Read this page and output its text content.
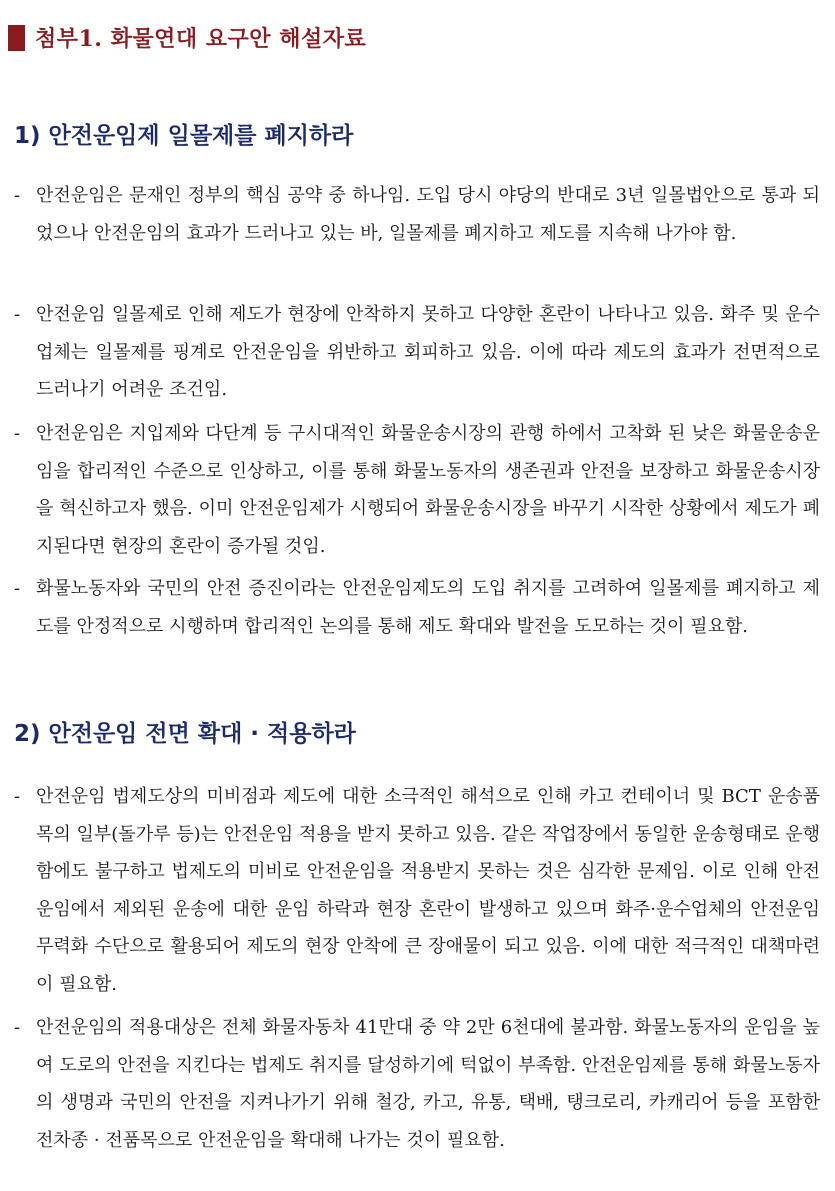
첨부1. 화물연대 요구안 해설자료
1) 안전운임제 일몰제를 폐지하라
- 안전운임은 문재인 정부의 핵심 공약 중 하나임. 도입 당시 야당의 반대로 3년 일몰법안으로 통과 되었으나 안전운임의 효과가 드러나고 있는 바, 일몰제를 폐지하고 제도를 지속해 나가야 함.
- 안전운임 일몰제로 인해 제도가 현장에 안착하지 못하고 다양한 혼란이 나타나고 있음. 화주 및 운수업체는 일몰제를 핑계로 안전운임을 위반하고 회피하고 있음. 이에 따라 제도의 효과가 전면적으로 드러나기 어려운 조건임.
- 안전운임은 지입제와 다단계 등 구시대적인 화물운송시장의 관행 하에서 고착화 된 낮은 화물운송운임을 합리적인 수준으로 인상하고, 이를 통해 화물노동자의 생존권과 안전을 보장하고 화물운송시장을 혁신하고자 했음. 이미 안전운임제가 시행되어 화물운송시장을 바꾸기 시작한 상황에서 제도가 폐지된다면 현장의 혼란이 증가될 것임.
- 화물노동자와 국민의 안전 증진이라는 안전운임제도의 도입 취지를 고려하여 일몰제를 폐지하고 제도를 안정적으로 시행하며 합리적인 논의를 통해 제도 확대와 발전을 도모하는 것이 필요함.
2) 안전운임 전면 확대 · 적용하라
- 안전운임 법제도상의 미비점과 제도에 대한 소극적인 해석으로 인해 카고 컨테이너 및 BCT 운송품목의 일부(돌가루 등)는 안전운임 적용을 받지 못하고 있음. 같은 작업장에서 동일한 운송형태로 운행함에도 불구하고 법제도의 미비로 안전운임을 적용받지 못하는 것은 심각한 문제임. 이로 인해 안전운임에서 제외된 운송에 대한 운임 하락과 현장 혼란이 발생하고 있으며 화주·운수업체의 안전운임 무력화 수단으로 활용되어 제도의 현장 안착에 큰 장애물이 되고 있음. 이에 대한 적극적인 대책마련이 필요함.
- 안전운임의 적용대상은 전체 화물자동차 41만대 중 약 2만 6천대에 불과함. 화물노동자의 운임을 높여 도로의 안전을 지킨다는 법제도 취지를 달성하기에 턱없이 부족함. 안전운임제를 통해 화물노동자의 생명과 국민의 안전을 지켜나가기 위해 철강, 카고, 유통, 택배, 탱크로리, 카캐리어 등을 포함한 전차종 · 전품목으로 안전운임을 확대해 나가는 것이 필요함.
